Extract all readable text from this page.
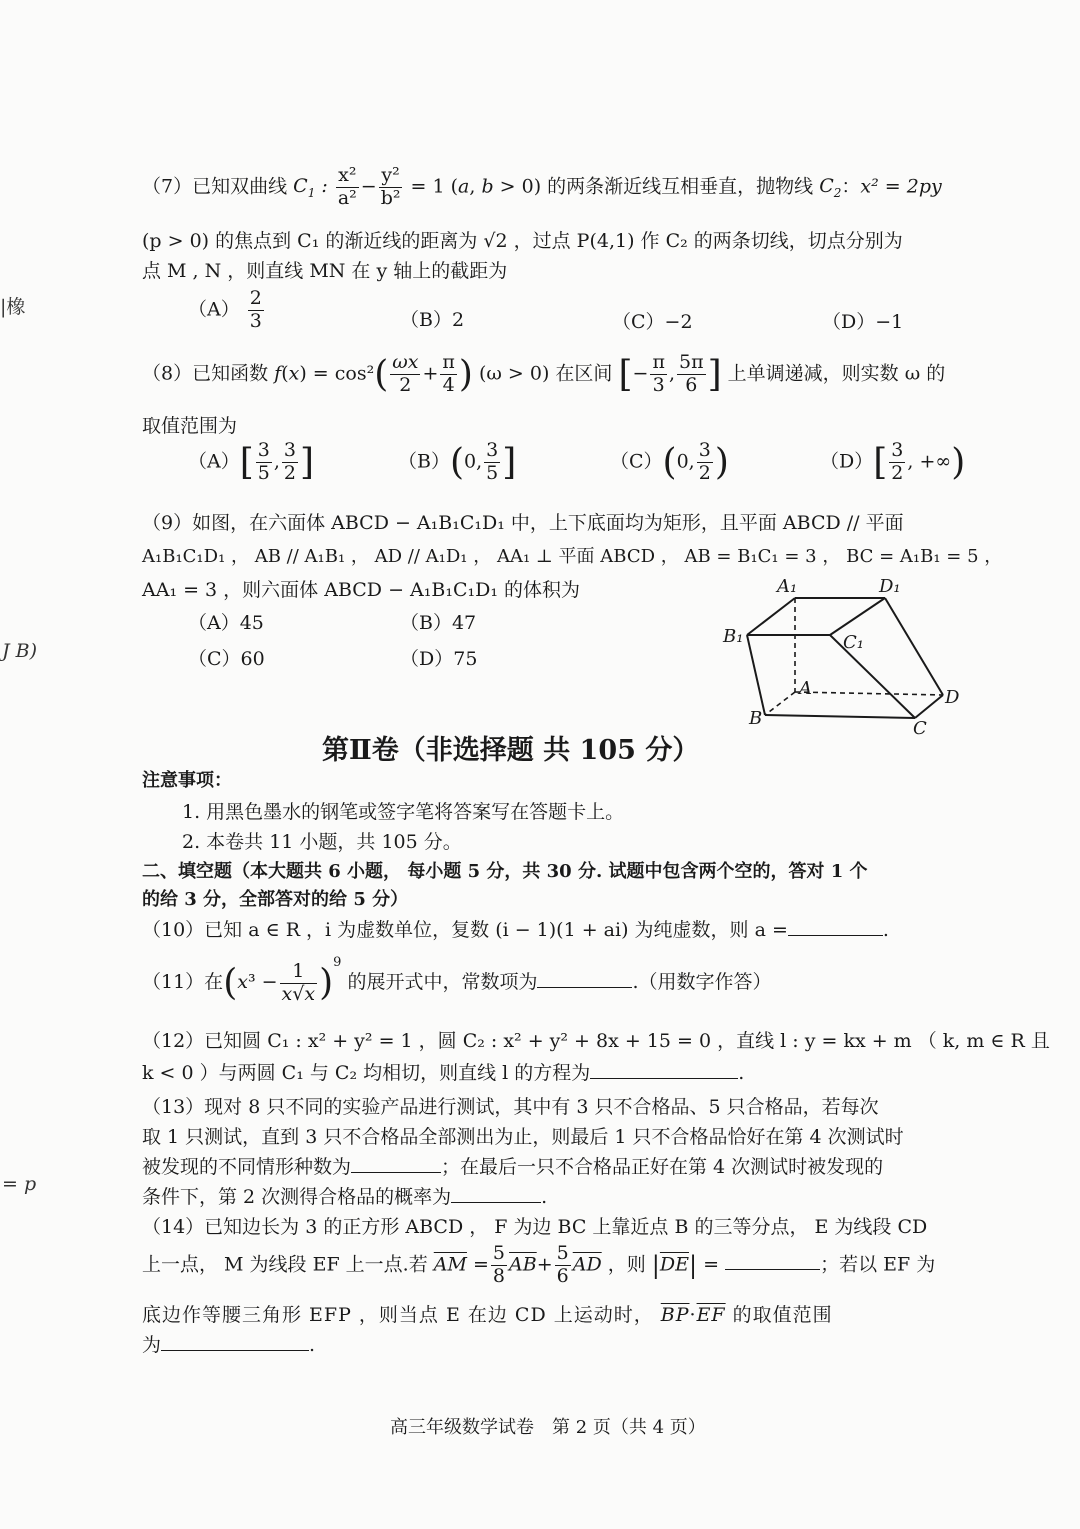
|橡
J B)
= p
（7）已知双曲线 $C_1$ : $\frac{\text{x²}}{\text{a²}} - \frac{\text{y²}}{\text{b²}} = 1$ (a, b > 0) 的两条渐近线互相垂直，抛物线 $C_2$：x² = 2py
(p > 0) 的焦点到 C₁ 的渐近线的距离为 √2 ，过点 P(4,1) 作 C₂ 的两条切线，切点分别为
点 M , N ，则直线 MN 在 y 轴上的截距为
$(A) \frac{2}{3}$	（B）2	（C）−2	（D）−1
（8）已知函数 $f(x) = \cos^2( \frac{\omega x}{2} + \frac{\pi}{4}$ ) (ω > 0) 在区间 [− $\frac{\pi}{3}$ , $\frac{5\pi}{6}$ ] 上单调递减，则实数 ω 的
取值范围为
$(A)[ \frac{3}{5}$ , $\frac{3}{2}$ ]	（B）(0, $\frac{3}{5}$ ]	（C）(0, $\frac{3}{2}$ )	$(D)[ \frac{3}{2}$ , +∞)
（9）如图，在六面体 ABCD − A₁B₁C₁D₁ 中，上下底面均为矩形，且平面 ABCD // 平面
A₁B₁C₁D₁ ， AB // A₁B₁ ， AD // A₁D₁ ， AA₁ ⊥ 平面 ABCD ， AB = B₁C₁ = 3 ， BC = A₁B₁ = 5 ，
AA₁ = 3 ，则六面体 ABCD − A₁B₁C₁D₁ 的体积为
（A）45	（B）47
（C）60	（D）75
A₁	D₁
B₁	C₁
A	D
B	C
第Ⅱ卷（非选择题 共 105 分）
注意事项：
1. 用黑色墨水的钢笔或签字笔将答案写在答题卡上。
2. 本卷共 11 小题，共 105 分。
二、填空题（本大题共 6 小题， 每小题 5 分，共 30 分. 试题中包含两个空的，答对 1 个
的给 3 分，全部答对的给 5 分）
（10）已知 a ∈ R ，i 为虚数单位，复数 (i − 1)(1 + ai) 为纯虚数，则 a =	.
（11）在$(x^3 - \frac{1}{x√x} )^9$ 的展开式中，常数项为	.（用数字作答）
（12）已知圆 C₁ : x² + y² = 1 ，圆 C₂ : x² + y² + 8x + 15 = 0 ，直线 l : y = kx + m （ k, m ∈ R 且
k < 0 ）与两圆 C₁ 与 C₂ 均相切，则直线 l 的方程为	.
（13）现对 8 只不同的实验产品进行测试，其中有 3 只不合格品、5 只合格品，若每次
取 1 只测试，直到 3 只不合格品全部测出为止，则最后 1 只不合格品恰好在第 4 次测试时
被发现的不同情形种数为	；在最后一只不合格品正好在第 4 次测试时被发现的
条件下，第 2 次测得合格品的概率为	.
（14）已知边长为 3 的正方形 ABCD ， F 为边 BC 上靠近点 B 的三等分点， E 为线段 CD
上一点， M 为线段 EF 上一点.若 $\overline{AM} = \frac{5}{8} \overline{AB}+ \frac{5}{6} \overline{AD}$ ，则 $|\overline{DE}|$ =	；若以 EF 为
底边作等腰三角形 EFP ，则当点 E 在边 CD 上运动时， $\overline{BP}\cdot\overline{EF}$ 的取值范围
为	.
高三年级数学试卷　第 2 页（共 4 页）
